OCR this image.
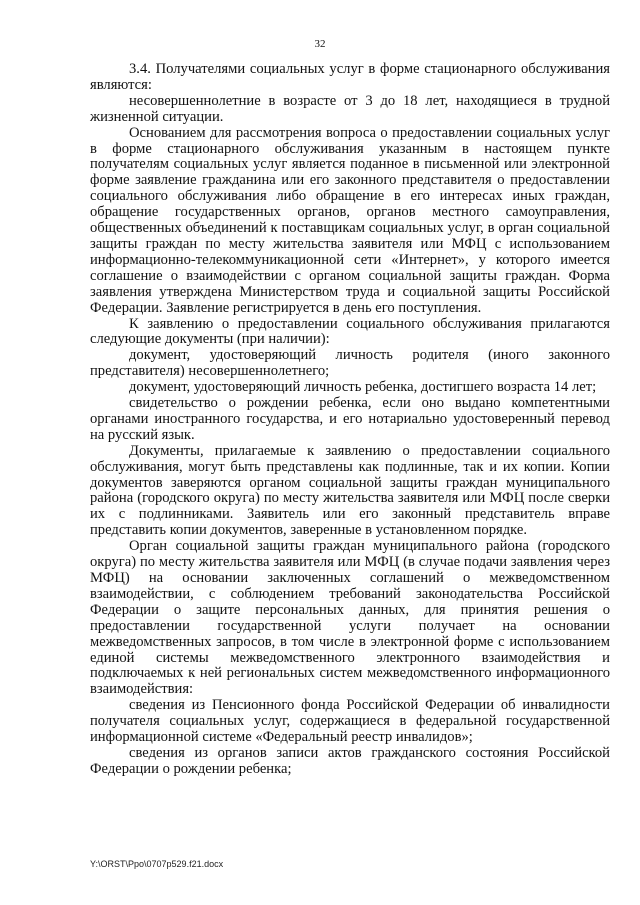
32

3.4. Получателями социальных услуг в форме стационарного обслуживания являются:

несовершеннолетние в возрасте от 3 до 18 лет, находящиеся в трудной жизненной ситуации.

Основанием для рассмотрения вопроса о предоставлении социальных услуг в форме стационарного обслуживания указанным в настоящем пункте получателям социальных услуг является поданное в письменной или электронной форме заявление гражданина или его законного представителя о предоставлении социального обслуживания либо обращение в его интересах иных граждан, обращение государственных органов, органов местного самоуправления, общественных объединений к поставщикам социальных услуг, в орган социальной защиты граждан по месту жительства заявителя или МФЦ с использованием информационно-телекоммуникационной сети «Интернет», у которого имеется соглашение о взаимодействии с органом социальной защиты граждан. Форма заявления утверждена Министерством труда и социальной защиты Российской Федерации. Заявление регистрируется в день его поступления.

К заявлению о предоставлении социального обслуживания прилагаются следующие документы (при наличии):

документ, удостоверяющий личность родителя (иного законного представителя) несовершеннолетнего;

документ, удостоверяющий личность ребенка, достигшего возраста 14 лет;

свидетельство о рождении ребенка, если оно выдано компетентными органами иностранного государства, и его нотариально удостоверенный перевод на русский язык.

Документы, прилагаемые к заявлению о предоставлении социального обслуживания, могут быть представлены как подлинные, так и их копии. Копии документов заверяются органом социальной защиты граждан муниципального района (городского округа) по месту жительства заявителя или МФЦ после сверки их с подлинниками. Заявитель или его законный представитель вправе представить копии документов, заверенные в установленном порядке.

Орган социальной защиты граждан муниципального района (городского округа) по месту жительства заявителя или МФЦ (в случае подачи заявления через МФЦ) на основании заключенных соглашений о межведомственном взаимодействии, с соблюдением требований законодательства Российской Федерации о защите персональных данных, для принятия решения о предоставлении государственной услуги получает на основании межведомственных запросов, в том числе в электронной форме с использованием единой системы межведомственного электронного взаимодействия и подключаемых к ней региональных систем межведомственного информационного взаимодействия:

сведения из Пенсионного фонда Российской Федерации об инвалидности получателя социальных услуг, содержащиеся в федеральной государственной информационной системе «Федеральный реестр инвалидов»;

сведения из органов записи актов гражданского состояния Российской Федерации о рождении ребенка;

Y:\ORST\Ppo\0707p529.f21.docx
